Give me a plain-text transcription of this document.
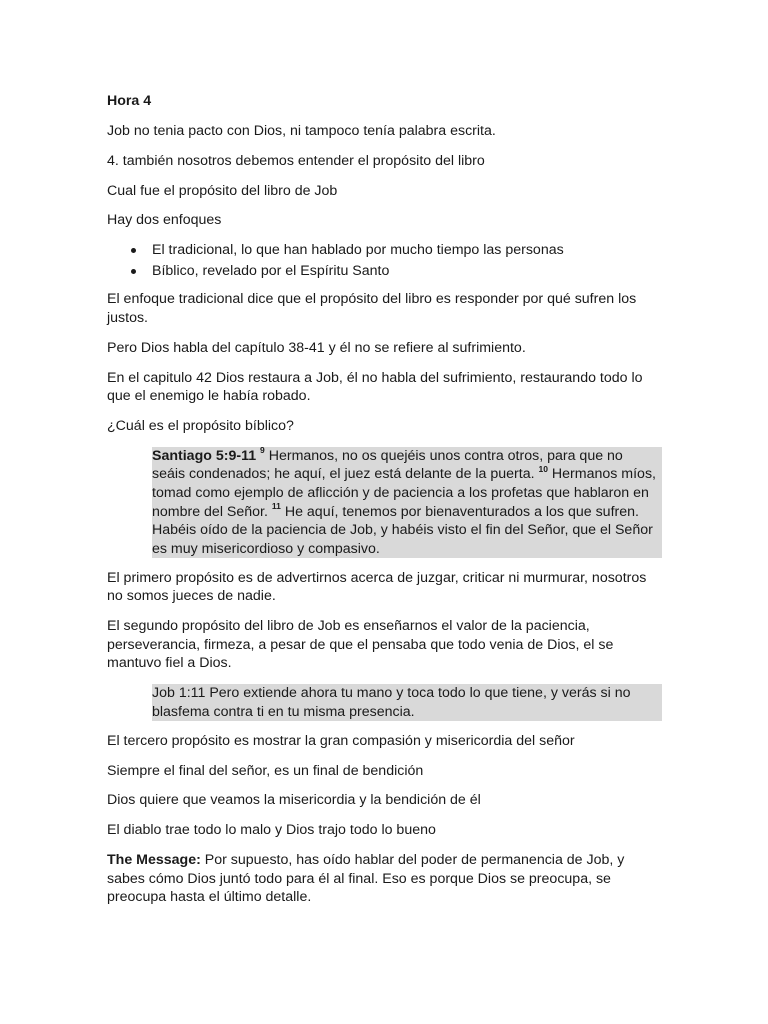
Hora 4

Job no tenia pacto con Dios, ni tampoco tenía palabra escrita.

4. también nosotros debemos entender el propósito del libro

Cual fue el propósito del libro de Job

Hay dos enfoques

El tradicional, lo que han hablado por mucho tiempo las personas
Bíblico, revelado por el Espíritu Santo

El enfoque tradicional dice que el propósito del libro es responder por qué sufren los justos.

Pero Dios habla del capítulo 38-41 y él no se refiere al sufrimiento.

En el capitulo 42 Dios restaura a Job, él no habla del sufrimiento, restaurando todo lo que el enemigo le había robado.

¿Cuál es el propósito bíblico?

Santiago 5:9-11 $^9$ Hermanos, no os quejéis unos contra otros, para que no seáis condenados; he aquí, el juez está delante de la puerta. $^{10}$ Hermanos míos, tomad como ejemplo de aflicción y de paciencia a los profetas que hablaron en nombre del Señor. $^{11}$ He aquí, tenemos por bienaventurados a los que sufren. Habéis oído de la paciencia de Job, y habéis visto el fin del Señor, que el Señor es muy misericordioso y compasivo.

El primero propósito es de advertirnos acerca de juzgar, criticar ni murmurar, nosotros no somos jueces de nadie.

El segundo propósito del libro de Job es enseñarnos el valor de la paciencia, perseverancia, firmeza, a pesar de que el pensaba que todo venia de Dios, el se mantuvo fiel a Dios.

Job 1:11 Pero extiende ahora tu mano y toca todo lo que tiene, y verás si no blasfema contra ti en tu misma presencia.

El tercero propósito es mostrar la gran compasión y misericordia del señor

Siempre el final del señor, es un final de bendición

Dios quiere que veamos la misericordia y la bendición de él

El diablo trae todo lo malo y Dios trajo todo lo bueno

The Message: Por supuesto, has oído hablar del poder de permanencia de Job, y sabes cómo Dios juntó todo para él al final. Eso es porque Dios se preocupa, se preocupa hasta el último detalle.
